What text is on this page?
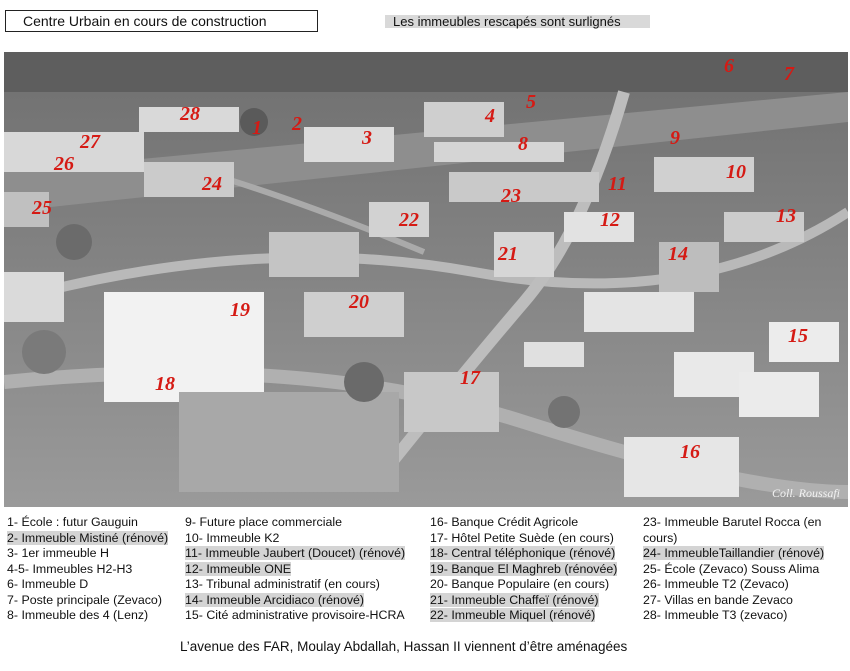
Centre Urbain en cours de construction	Les immeubles rescapés sont surlignés
1 2
3
4
5
6	7
8	9
10
11
12	13
14
15
16
17
18
19	20
21
22
23
24
25
26
27
28
Coll. Roussafi
1- École : futur Gauguin
2- Immeuble Mistiné (rénové)
3- 1er immeuble H
4-5- Immeubles H2-H3
6- Immeuble D
7- Poste principale (Zevaco)
8- Immeuble des 4 (Lenz)
9- Future place commerciale
10- Immeuble K2
11- Immeuble Jaubert (Doucet) (rénové)
12- Immeuble ONE
13- Tribunal administratif (en cours)
14- Immeuble Arcidiaco (rénové)
15- Cité administrative provisoire-HCRA
16- Banque Crédit Agricole
17- Hôtel Petite Suède (en cours)
18- Central téléphonique (rénové)
19- Banque El Maghreb (rénovée)
20- Banque Populaire (en cours)
21- Immeuble Chaffeï (rénové)
22- Immeuble Miquel (rénové)
23- Immeuble Barutel Rocca (en
cours)
24- ImmeubleTaillandier (rénové)
25- École (Zevaco) Souss Alima
26- Immeuble T2 (Zevaco)
27- Villas en bande Zevaco
28- Immeuble T3 (zevaco)
L’avenue des FAR, Moulay Abdallah, Hassan II viennent d’être aménagées
